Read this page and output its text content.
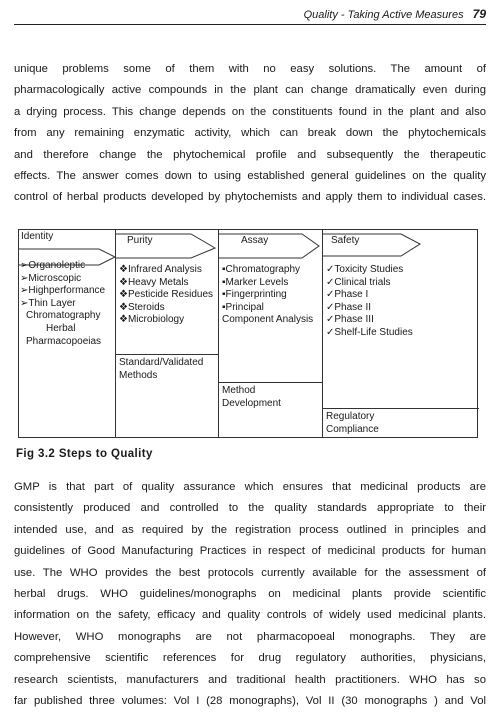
Quality - Taking Active Measures 79
unique problems some of them with no easy solutions. The amount of
pharmacologically active compounds in the plant can change dramatically even during
a drying process. This change depends on the constituents found in the plant and also
from any remaining enzymatic activity, which can break down the phytochemicals
and therefore change the phytochemical profile and subsequently the therapeutic
effects. The answer comes down to using established general guidelines on the quality
control of herbal products developed by phytochemists and apply them to individual cases.
Identity	Purity	Assay	Safety
➢Organoleptic
➢Microscopic
➢Highperformance
➢Thin Layer
Chromatography
Herbal
Pharmacopoeias
❖Infrared Analysis
❖Heavy Metals
❖Pesticide Residues
❖Steroids
❖Microbiology
Standard/Validated
Methods
▪Chromatography
▪Marker Levels
▪Fingerprinting
▪Principal
Component Analysis
Method
Development
✓Toxicity Studies
✓Clinical trials
✓Phase I
✓Phase II
✓Phase III
✓Shelf-Life Studies
Regulatory
Compliance
Fig 3.2 Steps to Quality
GMP is that part of quality assurance which ensures that medicinal products are
consistently produced and controlled to the quality standards appropriate to their
intended use, and as required by the registration process outlined in principles and
guidelines of Good Manufacturing Practices in respect of medicinal products for human
use. The WHO provides the best protocols currently available for the assessment of
herbal drugs. WHO guidelines/monographs on medicinal plants provide scientific
information on the safety, efficacy and quality controls of widely used medicinal plants.
However, WHO monographs are not pharmacopoeal monographs. They are
comprehensive scientific references for drug regulatory authorities, physicians,
research scientists, manufacturers and traditional health practitioners. WHO has so
far published three volumes: Vol I (28 monographs), Vol II (30 monographs ) and Vol
